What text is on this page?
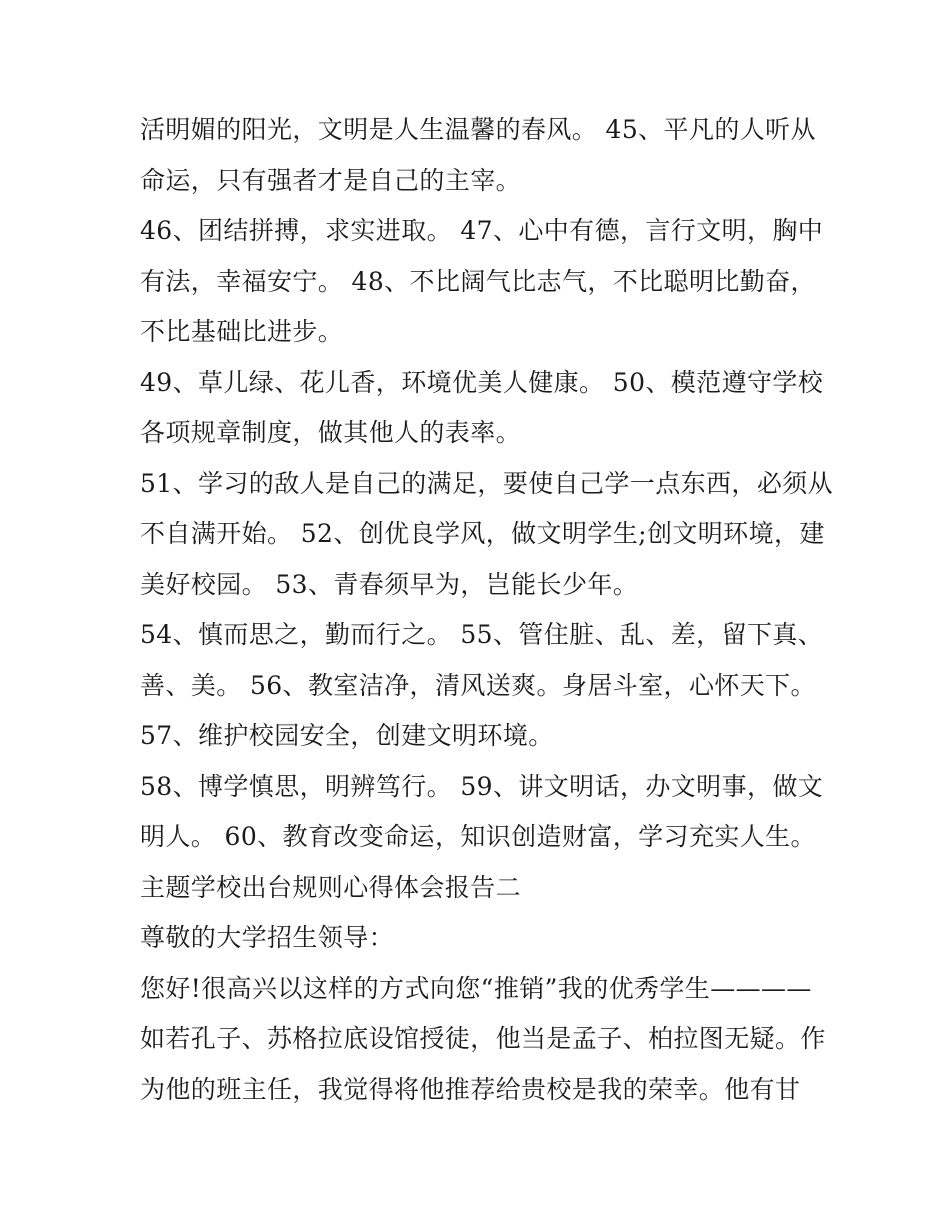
活明媚的阳光，文明是人生温馨的春风。 45、平凡的人听从
命运，只有强者才是自己的主宰。
46、团结拼搏，求实进取。 47、心中有德，言行文明，胸中
有法，幸福安宁。 48、不比阔气比志气，不比聪明比勤奋，
不比基础比进步。
49、草儿绿、花儿香，环境优美人健康。 50、模范遵守学校
各项规章制度，做其他人的表率。
51、学习的敌人是自己的满足，要使自己学一点东西，必须从
不自满开始。 52、创优良学风，做文明学生;创文明环境，建
美好校园。 53、青春须早为，岂能长少年。
54、慎而思之，勤而行之。 55、管住脏、乱、差，留下真、
善、美。 56、教室洁净，清风送爽。身居斗室，心怀天下。
57、维护校园安全，创建文明环境。
58、博学慎思，明辨笃行。 59、讲文明话，办文明事，做文
明人。 60、教育改变命运，知识创造财富，学习充实人生。
主题学校出台规则心得体会报告二
尊敬的大学招生领导：
您好!很高兴以这样的方式向您“推销”我的优秀学生————
如若孔子、苏格拉底设馆授徒，他当是孟子、柏拉图无疑。作
为他的班主任，我觉得将他推荐给贵校是我的荣幸。他有甘
